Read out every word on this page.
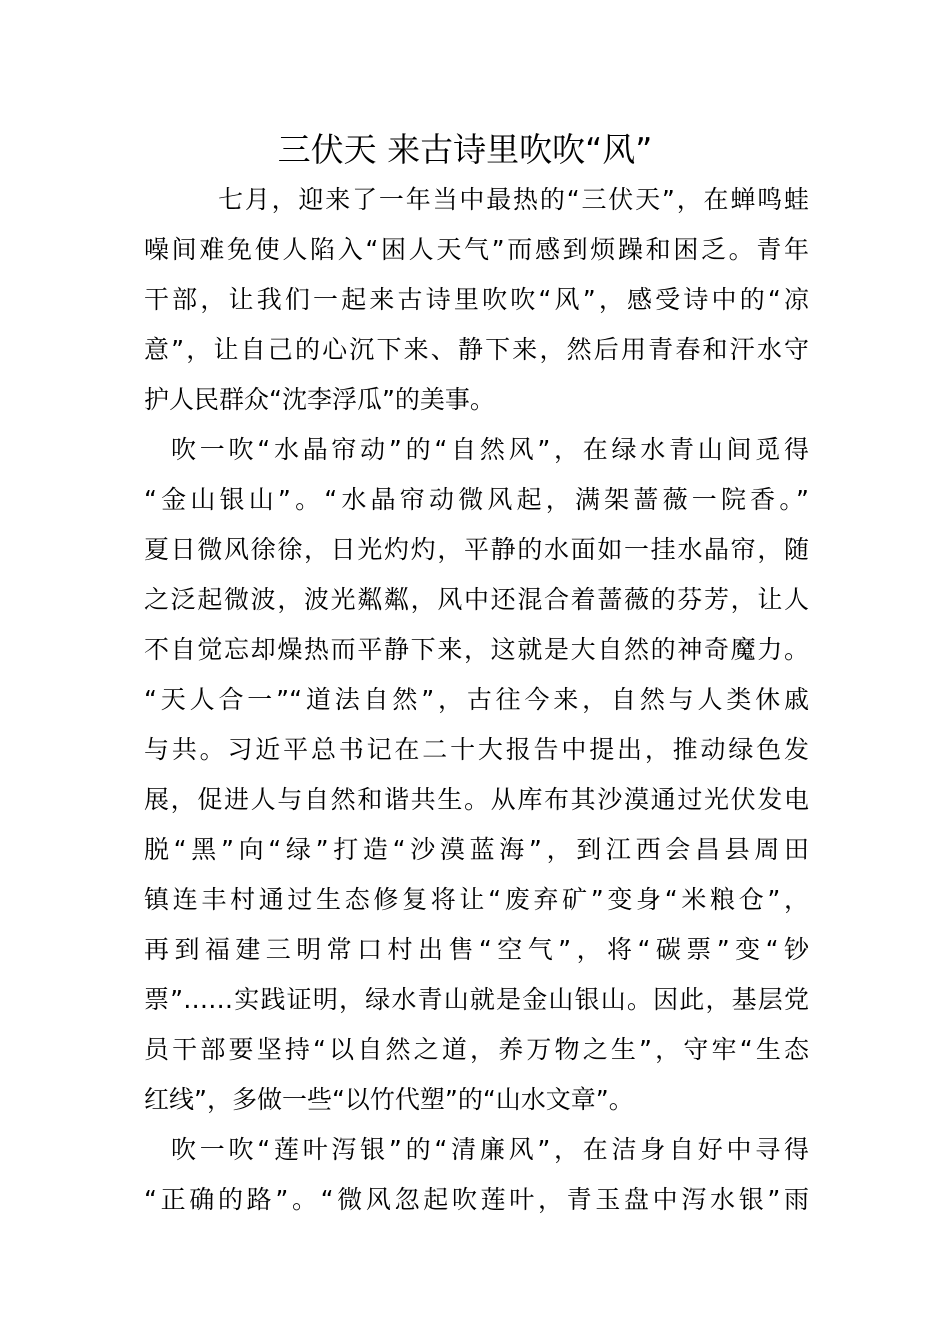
三伏天 来古诗里吹吹“风”
七月，迎来了一年当中最热的“三伏天”，在蝉鸣蛙
噪间难免使人陷入“困人天气”而感到烦躁和困乏。青年
干部，让我们一起来古诗里吹吹“风”，感受诗中的“凉
意”，让自己的心沉下来、静下来，然后用青春和汗水守
护人民群众“沈李浮瓜”的美事。
吹一吹“水晶帘动”的“自然风”，在绿水青山间觅得
“金山银山”。“水晶帘动微风起，满架蔷薇一院香。”
夏日微风徐徐，日光灼灼，平静的水面如一挂水晶帘，随
之泛起微波，波光粼粼，风中还混合着蔷薇的芬芳，让人
不自觉忘却燥热而平静下来，这就是大自然的神奇魔力。
“天人合一”“道法自然”，古往今来，自然与人类休戚
与共。习近平总书记在二十大报告中提出，推动绿色发
展，促进人与自然和谐共生。从库布其沙漠通过光伏发电
脱“黑”向“绿”打造“沙漠蓝海”，到江西会昌县周田
镇连丰村通过生态修复将让“废弃矿”变身“米粮仓”，
再到福建三明常口村出售“空气”，将“碳票”变“钞
票”……实践证明，绿水青山就是金山银山。因此，基层党
员干部要坚持“以自然之道，养万物之生”，守牢“生态
红线”，多做一些“以竹代塑”的“山水文章”。
吹一吹“莲叶泻银”的“清廉风”，在洁身自好中寻得
“正确的路”。“微风忽起吹莲叶，青玉盘中泻水银”雨
